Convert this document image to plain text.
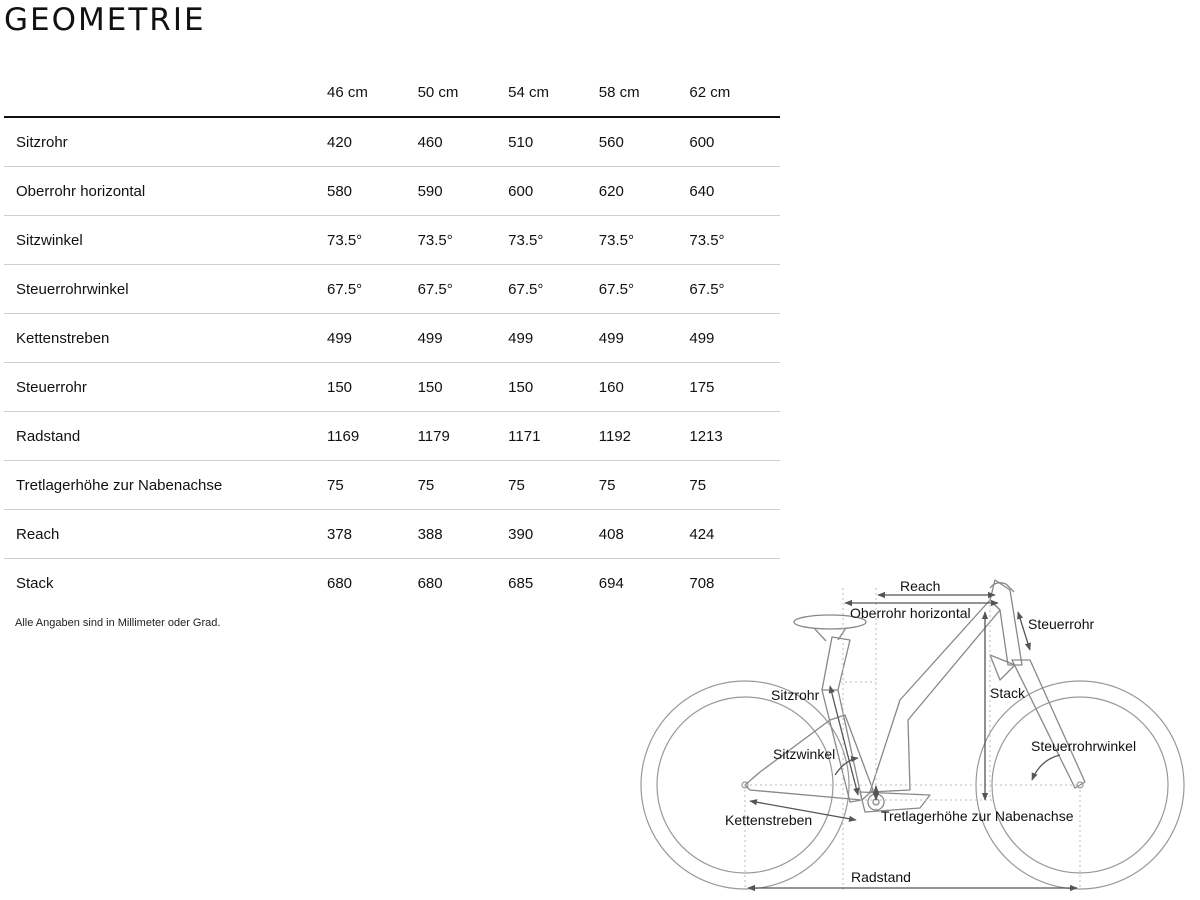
GEOMETRIE
	46 cm	50 cm	54 cm	58 cm	62 cm
Sitzrohr	420	460	510	560	600
Oberrohr horizontal	580	590	600	620	640
Sitzwinkel	73.5°	73.5°	73.5°	73.5°	73.5°
Steuerrohrwinkel	67.5°	67.5°	67.5°	67.5°	67.5°
Kettenstreben	499	499	499	499	499
Steuerrohr	150	150	150	160	175
Radstand	1169	1179	1171	1192	1213
Tretlagerhöhe zur Nabenachse	75	75	75	75	75
Reach	378	388	390	408	424
Stack	680	680	685	694	708
Alle Angaben sind in Millimeter oder Grad.
Reach
Oberrohr horizontal
Steuerrohr
Sitzrohr	Stack
Sitzwinkel	Steuerrohrwinkel
Kettenstreben	Tretlagerhöhe zur Nabenachse
Radstand
